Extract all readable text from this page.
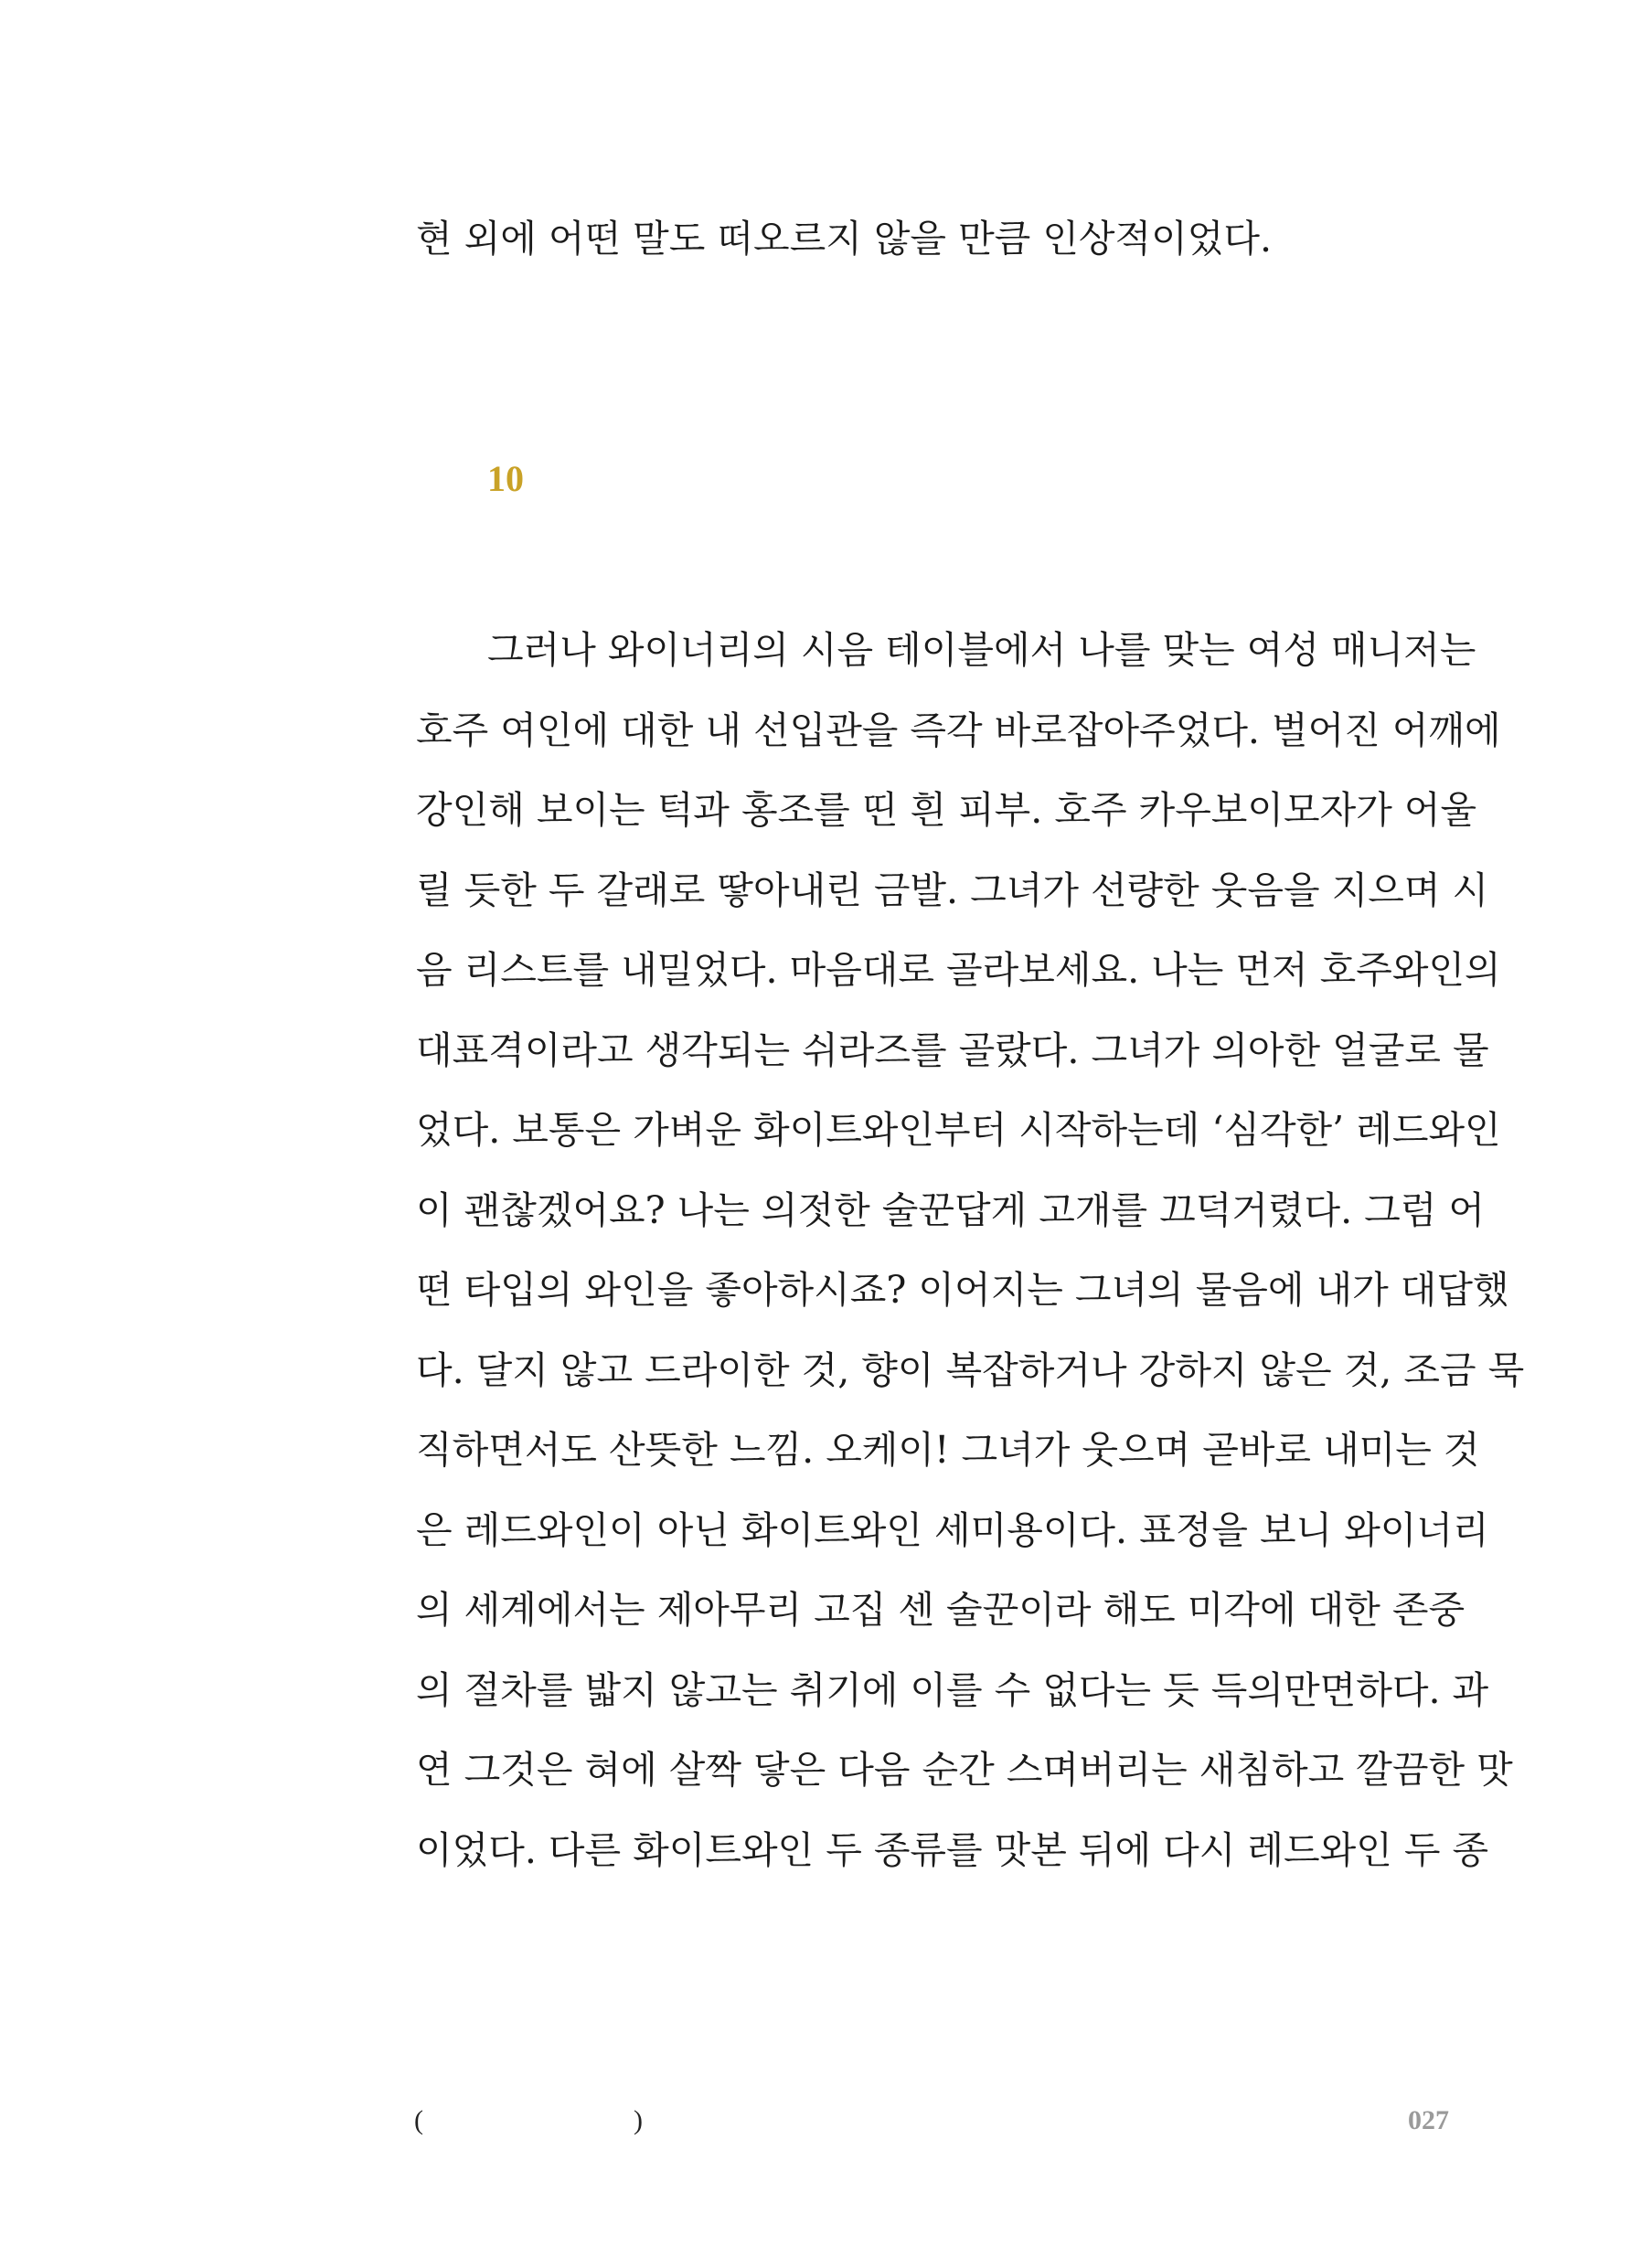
현 외에 어떤 말도 떠오르지 않을 만큼 인상적이었다.
10
그러나 와이너리의 시음 테이블에서 나를 맞는 여성 매니저는
호주 여인에 대한 내 선입관을 즉각 바로잡아주었다. 벌어진 어깨에
강인해 보이는 턱과 홍조를 띤 흰 피부. 호주 카우보이모자가 어울
릴 듯한 두 갈래로 땋아내린 금발. 그녀가 선량한 웃음을 지으며 시
음 리스트를 내밀었다. 마음대로 골라보세요. 나는 먼저 호주와인의
대표격이라고 생각되는 쉬라즈를 골랐다. 그녀가 의아한 얼굴로 물
었다. 보통은 가벼운 화이트와인부터 시작하는데 ‘심각한’ 레드와인
이 괜찮겠어요? 나는 의젓한 술꾼답게 고개를 끄덕거렸다. 그럼 어
떤 타입의 와인을 좋아하시죠? 이어지는 그녀의 물음에 내가 대답했
다. 달지 않고 드라이한 것, 향이 복잡하거나 강하지 않은 것, 조금 묵
직하면서도 산뜻한 느낌. 오케이! 그녀가 웃으며 곧바로 내미는 것
은 레드와인이 아닌 화이트와인 세미용이다. 표정을 보니 와이너리
의 세계에서는 제아무리 고집 센 술꾼이라 해도 미각에 대한 존중
의 절차를 밟지 않고는 취기에 이를 수 없다는 듯 득의만면하다. 과
연 그것은 혀에 살짝 닿은 다음 순간 스며버리는 새침하고 깔끔한 맛
이었다. 다른 화이트와인 두 종류를 맛본 뒤에 다시 레드와인 두 종
(	)	027
